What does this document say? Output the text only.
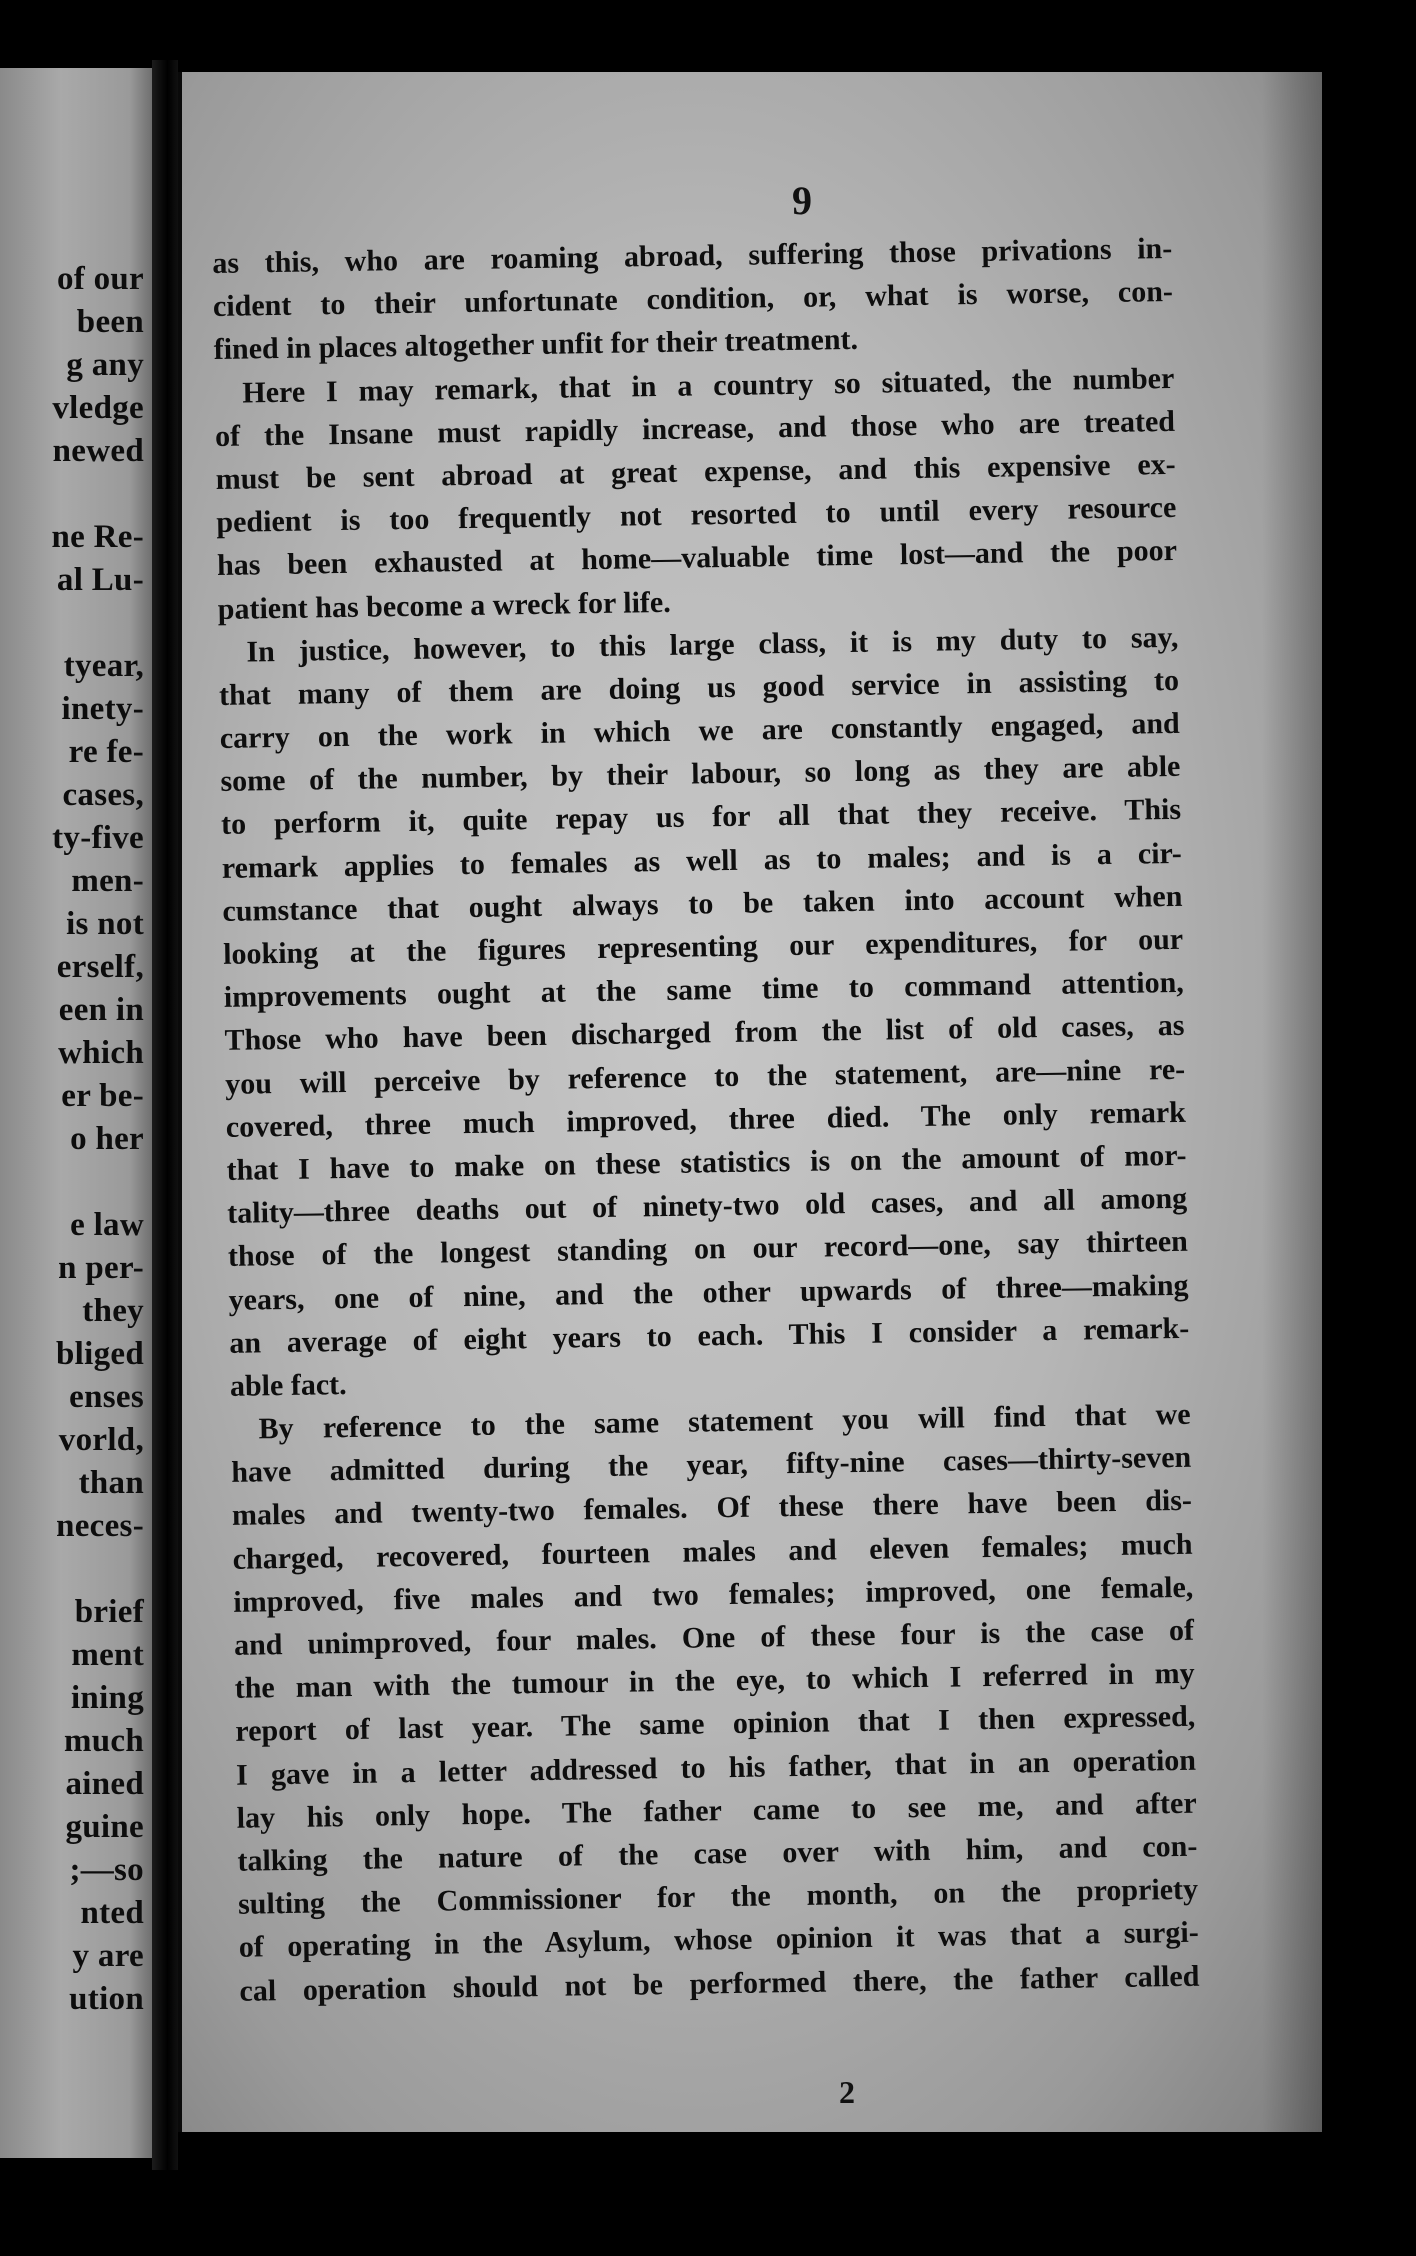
of our
been
g any
vledge
newed
ne Re-
al Lu-
tyear,
inety-
re fe-
cases,
ty-five
men-
is not
erself,
een in
which
er be-
o her
e law
n per-
they
bliged
enses
vorld,
than
neces-
brief
ment
ining
much
ained
guine
;—so
nted
y are
ution
9
as this, who are roaming abroad, suffering those privations in-
cident to their unfortunate condition, or, what is worse, con-
fined in places altogether unfit for their treatment.
Here I may remark, that in a country so situated, the number
of the Insane must rapidly increase, and those who are treated
must be sent abroad at great expense, and this expensive ex-
pedient is too frequently not resorted to until every resource
has been exhausted at home—valuable time lost—and the poor
patient has become a wreck for life.
In justice, however, to this large class, it is my duty to say,
that many of them are doing us good service in assisting to
carry on the work in which we are constantly engaged, and
some of the number, by their labour, so long as they are able
to perform it, quite repay us for all that they receive. This
remark applies to females as well as to males; and is a cir-
cumstance that ought always to be taken into account when
looking at the figures representing our expenditures, for our
improvements ought at the same time to command attention,
Those who have been discharged from the list of old cases, as
you will perceive by reference to the statement, are—nine re-
covered, three much improved, three died. The only remark
that I have to make on these statistics is on the amount of mor-
tality—three deaths out of ninety-two old cases, and all among
those of the longest standing on our record—one, say thirteen
years, one of nine, and the other upwards of three—making
an average of eight years to each. This I consider a remark-
able fact.
By reference to the same statement you will find that we
have admitted during the year, fifty-nine cases—thirty-seven
males and twenty-two females. Of these there have been dis-
charged, recovered, fourteen males and eleven females; much
improved, five males and two females; improved, one female,
and unimproved, four males. One of these four is the case of
the man with the tumour in the eye, to which I referred in my
report of last year. The same opinion that I then expressed,
I gave in a letter addressed to his father, that in an operation
lay his only hope. The father came to see me, and after
talking the nature of the case over with him, and con-
sulting the Commissioner for the month, on the propriety
of operating in the Asylum, whose opinion it was that a surgi-
cal operation should not be performed there, the father called
2
